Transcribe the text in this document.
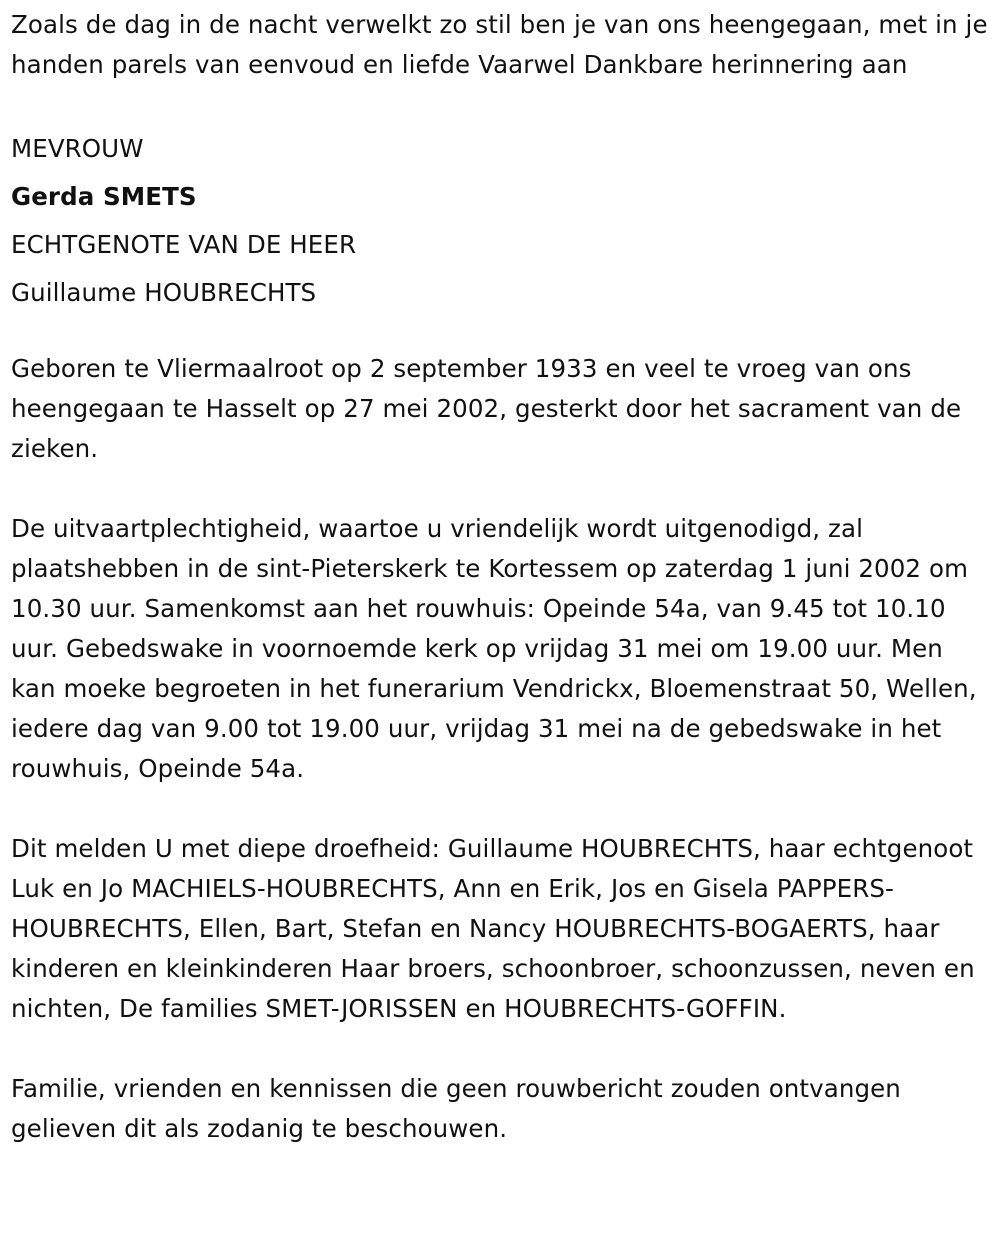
Zoals de dag in de nacht verwelkt zo stil ben je van ons heengegaan, met in je handen parels van eenvoud en liefde Vaarwel Dankbare herinnering aan

MEVROUW

Gerda SMETS

ECHTGENOTE VAN DE HEER

Guillaume HOUBRECHTS

Geboren te Vliermaalroot op 2 september 1933 en veel te vroeg van ons heengegaan te Hasselt op 27 mei 2002, gesterkt door het sacrament van de zieken.

De uitvaartplechtigheid, waartoe u vriendelijk wordt uitgenodigd, zal plaatshebben in de sint-Pieterskerk te Kortessem op zaterdag 1 juni 2002 om 10.30 uur. Samenkomst aan het rouwhuis: Opeinde 54a, van 9.45 tot 10.10 uur. Gebedswake in voornoemde kerk op vrijdag 31 mei om 19.00 uur. Men kan moeke begroeten in het funerarium Vendrickx, Bloemenstraat 50, Wellen, iedere dag van 9.00 tot 19.00 uur, vrijdag 31 mei na de gebedswake in het rouwhuis, Opeinde 54a.

Dit melden U met diepe droefheid: Guillaume HOUBRECHTS, haar echtgenoot Luk en Jo MACHIELS-HOUBRECHTS, Ann en Erik, Jos en Gisela PAPPERS-HOUBRECHTS, Ellen, Bart, Stefan en Nancy HOUBRECHTS-BOGAERTS, haar kinderen en kleinkinderen Haar broers, schoonbroer, schoonzussen, neven en nichten, De families SMET-JORISSEN en HOUBRECHTS-GOFFIN.

Familie, vrienden en kennissen die geen rouwbericht zouden ontvangen gelieven dit als zodanig te beschouwen.
